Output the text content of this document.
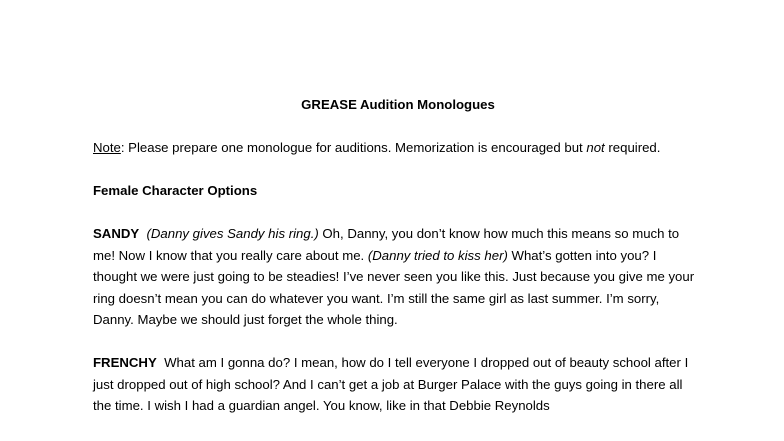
GREASE Audition Monologues
Note: Please prepare one monologue for auditions. Memorization is encouraged but not required.
Female Character Options
SANDY (Danny gives Sandy his ring.) Oh, Danny, you don’t know how much this means so much to me! Now I know that you really care about me. (Danny tried to kiss her) What’s gotten into you? I thought we were just going to be steadies! I’ve never seen you like this. Just because you give me your ring doesn’t mean you can do whatever you want. I’m still the same girl as last summer. I’m sorry, Danny. Maybe we should just forget the whole thing.
FRENCHY What am I gonna do? I mean, how do I tell everyone I dropped out of beauty school after I just dropped out of high school? And I can’t get a job at Burger Palace with the guys going in there all the time. I wish I had a guardian angel. You know, like in that Debbie Reynolds
